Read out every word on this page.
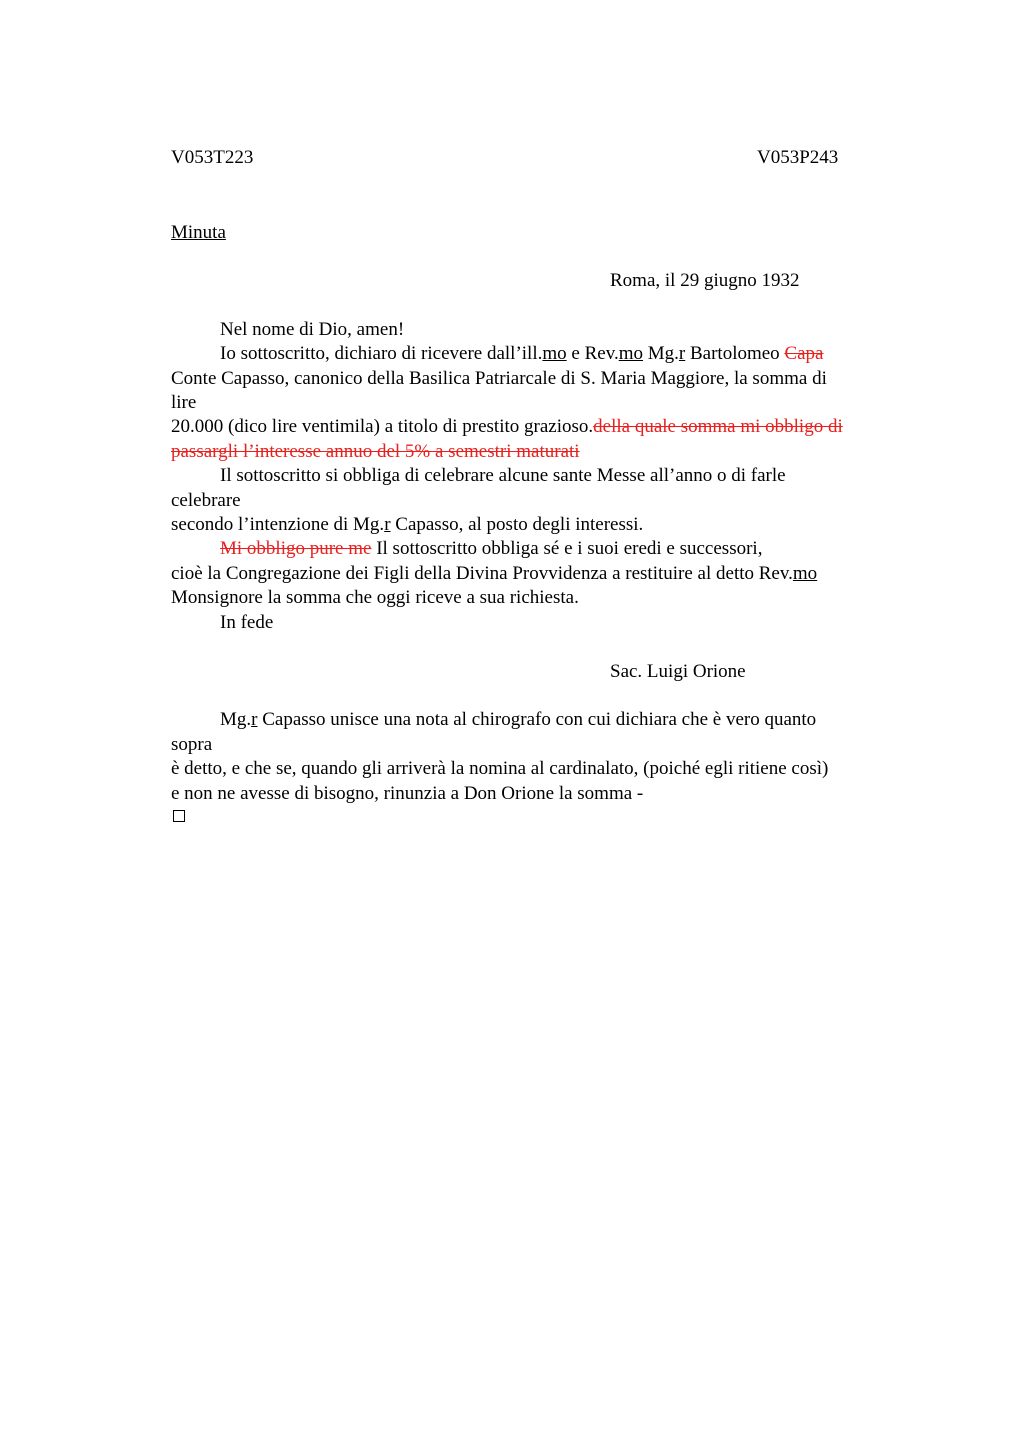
V053T223	V053P243
Minuta
Roma, il 29 giugno 1932
Nel nome di Dio, amen!
Io sottoscritto, dichiaro di ricevere dall’ill.mo e Rev.mo Mg.r Bartolomeo Capa
Conte Capasso, canonico della Basilica Patriarcale di S. Maria Maggiore, la somma di
lire
20.000 (dico lire ventimila) a titolo di prestito grazioso.della quale somma mi obbligo di
passargli l’interesse annuo del 5% a semestri maturati
Il sottoscritto si obbliga di celebrare alcune sante Messe all’anno o di farle
celebrare
secondo l’intenzione di Mg.r Capasso, al posto degli interessi.
Mi obbligo pure me Il sottoscritto obbliga sé e i suoi eredi e successori,
cioè la Congregazione dei Figli della Divina Provvidenza a restituire al detto Rev.mo
Monsignore la somma che oggi riceve a sua richiesta.
In fede
Sac. Luigi Orione
Mg.r Capasso unisce una nota al chirografo con cui dichiara che è vero quanto
sopra
è detto, e che se, quando gli arriverà la nomina al cardinalato, (poiché egli ritiene così)
e non ne avesse di bisogno, rinunzia a Don Orione la somma -
